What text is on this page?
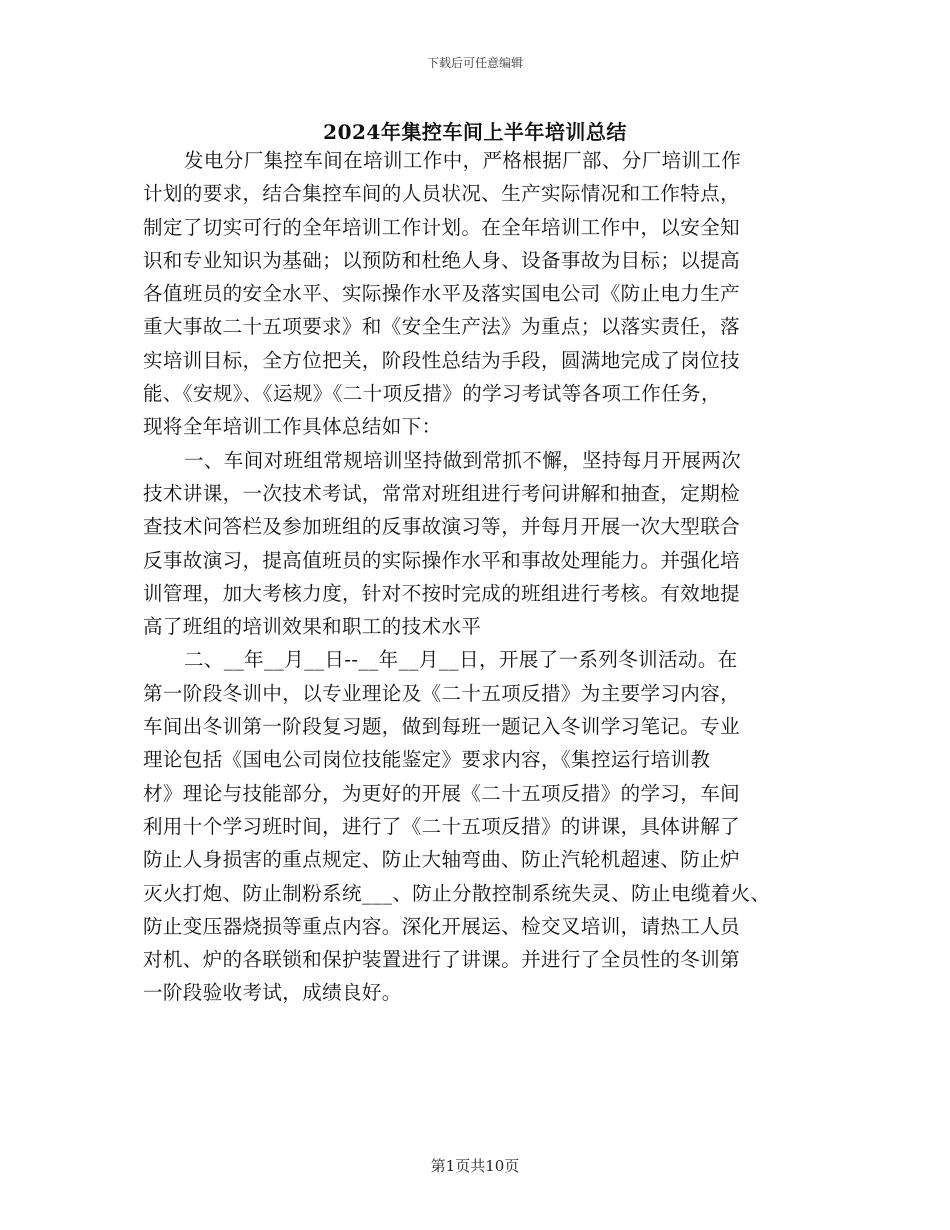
下载后可任意编辑
2024年集控车间上半年培训总结
发电分厂集控车间在培训工作中，严格根据厂部、分厂培训工作
计划的要求，结合集控车间的人员状况、生产实际情况和工作特点，
制定了切实可行的全年培训工作计划。在全年培训工作中，以安全知
识和专业知识为基础；以预防和杜绝人身、设备事故为目标；以提高
各值班员的安全水平、实际操作水平及落实国电公司《防止电力生产
重大事故二十五项要求》和《安全生产法》为重点；以落实责任，落
实培训目标，全方位把关，阶段性总结为手段，圆满地完成了岗位技
能、《安规》、《运规》《二十项反措》的学习考试等各项工作任务，
现将全年培训工作具体总结如下：
一、车间对班组常规培训坚持做到常抓不懈，坚持每月开展两次
技术讲课，一次技术考试，常常对班组进行考问讲解和抽查，定期检
查技术问答栏及参加班组的反事故演习等，并每月开展一次大型联合
反事故演习，提高值班员的实际操作水平和事故处理能力。并强化培
训管理，加大考核力度，针对不按时完成的班组进行考核。有效地提
高了班组的培训效果和职工的技术水平
二、__年__月__日--__年__月__日，开展了一系列冬训活动。在
第一阶段冬训中，以专业理论及《二十五项反措》为主要学习内容，
车间出冬训第一阶段复习题，做到每班一题记入冬训学习笔记。专业
理论包括《国电公司岗位技能鉴定》要求内容，《集控运行培训教
材》理论与技能部分，为更好的开展《二十五项反措》的学习，车间
利用十个学习班时间，进行了《二十五项反措》的讲课，具体讲解了
防止人身损害的重点规定、防止大轴弯曲、防止汽轮机超速、防止炉
灭火打炮、防止制粉系统___、防止分散控制系统失灵、防止电缆着火、
防止变压器烧损等重点内容。深化开展运、检交叉培训，请热工人员
对机、炉的各联锁和保护装置进行了讲课。并进行了全员性的冬训第
一阶段验收考试，成绩良好。
第1页共10页
